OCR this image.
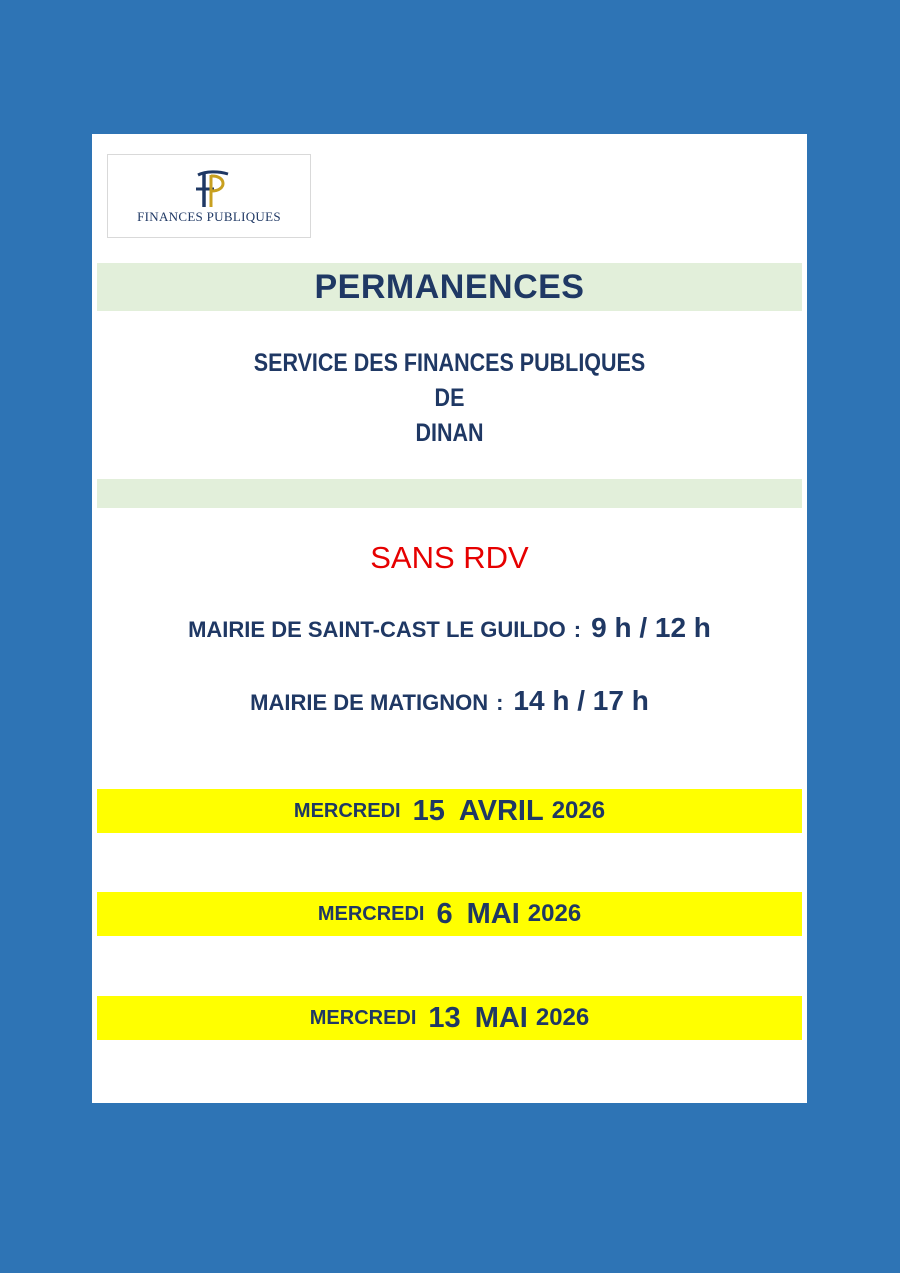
FINANCES PUBLIQUES
PERMANENCES
SERVICE DES FINANCES PUBLIQUES
DE
DINAN
SANS RDV
MAIRIE DE SAINT-CAST LE GUILDO : 9 h / 12 h
MAIRIE DE MATIGNON : 14 h / 17 h
MERCREDI 15 AVRIL 2026
MERCREDI 6 MAI 2026
MERCREDI 13 MAI 2026
